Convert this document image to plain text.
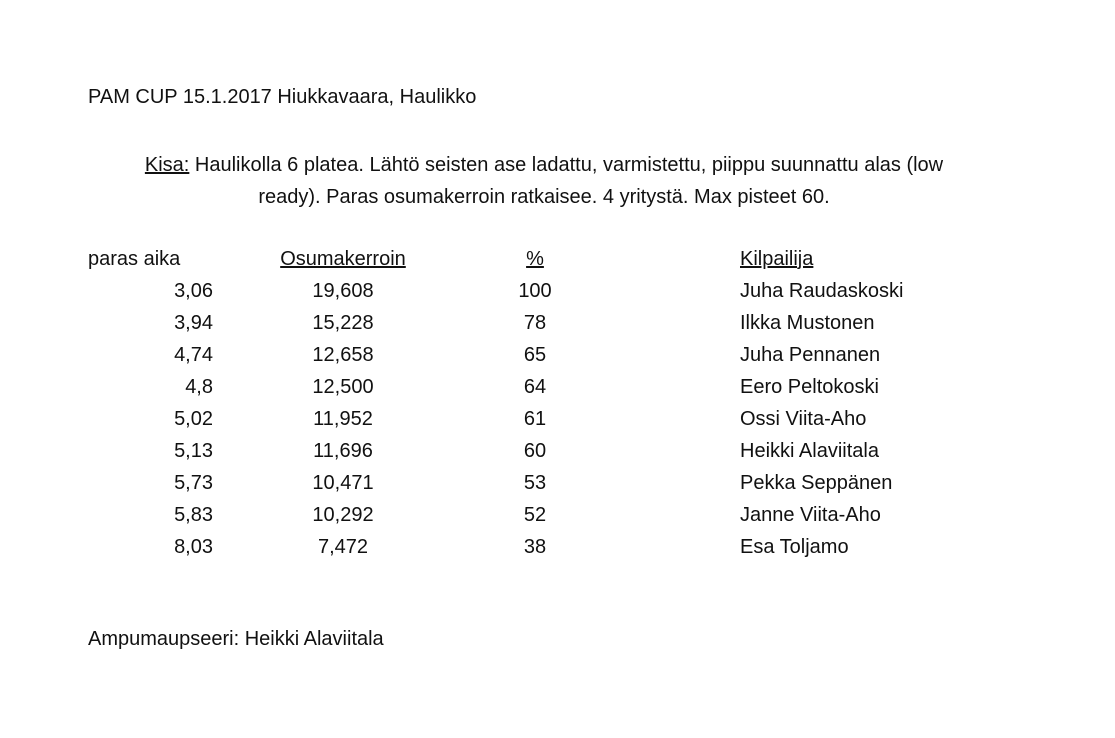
PAM CUP 15.1.2017 Hiukkavaara, Haulikko
Kisa: Haulikolla 6 platea. Lähtö seisten ase ladattu, varmistettu, piippu suunnattu alas (low
ready). Paras osumakerroin ratkaisee. 4 yritystä. Max pisteet 60.
paras aika	Osumakerroin	%	Kilpailija
3,06	19,608	100	Juha Raudaskoski
3,94	15,228	78	Ilkka Mustonen
4,74	12,658	65	Juha Pennanen
4,8	12,500	64	Eero Peltokoski
5,02	11,952	61	Ossi Viita-Aho
5,13	11,696	60	Heikki Alaviitala
5,73	10,471	53	Pekka Seppänen
5,83	10,292	52	Janne Viita-Aho
8,03	7,472	38	Esa Toljamo
Ampumaupseeri: Heikki Alaviitala
